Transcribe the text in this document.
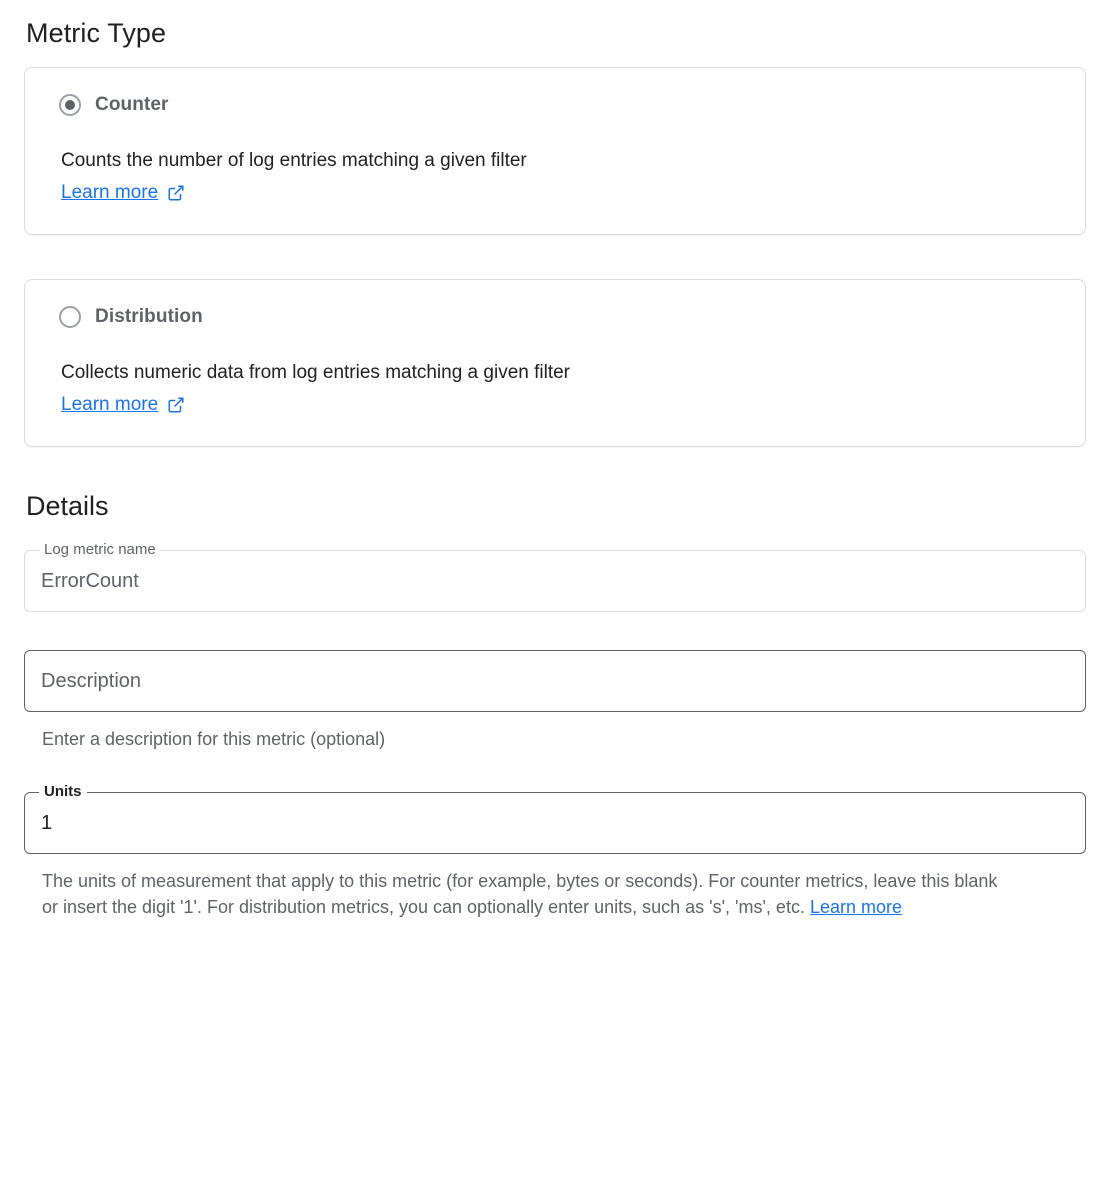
Metric Type
Counter
Counts the number of log entries matching a given filter
Learn more
Distribution
Collects numeric data from log entries matching a given filter
Learn more
Details
Log metric name
ErrorCount
Description
Enter a description for this metric (optional)
Units
1
The units of measurement that apply to this metric (for example, bytes or seconds). For counter metrics, leave this blank or insert the digit '1'. For distribution metrics, you can optionally enter units, such as 's', 'ms', etc. Learn more
